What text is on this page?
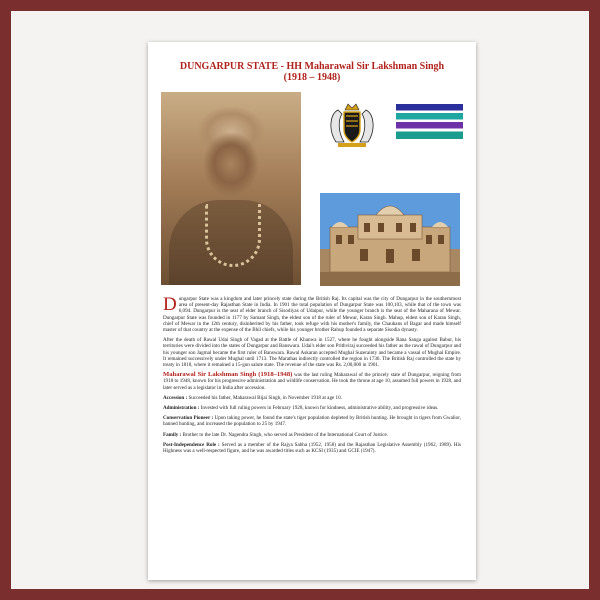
DUNGARPUR STATE - HH Maharawal Sir Lakshman Singh
(1918 – 1948)

Dungarpur State was a kingdom and later princely state during the British Raj. Its capital was the city of Dungarpur in the southernmost area of present-day Rajasthan State in India. In 1901 the total population of Dungarpur State was 100,103, while that of the town was 6,094. Dungarpur is the seat of elder branch of Sisodiyas of Udaipur, while the younger branch is the seat of the Maharana of Mewar. Dungarpur State was founded in 1177 by Samant Singh, the eldest son of the ruler of Mewar, Karan Singh. Mahup, eldest son of Karan Singh, chief of Mewar in the 12th century, disinherited by his father, took refuge with his mother's family, the Chauhans of Bagar and made himself master of that country at the expense of the Bhil chiefs, while his younger brother Rahup founded a separate Sisodia dynasty.

After the death of Rawal Udai Singh of Vagad at the Battle of Khanwa in 1527, where he fought alongside Rana Sanga against Babur, his territories were divided into the states of Dungarpur and Banswara. Udai's elder son Prithviraj succeeded his father as the rawal of Dungarpur and his younger son Jagmal became the first ruler of Banswara. Rawal Askaran accepted Mughal Suzerainty and became a vassal of Mughal Empire. It remained successively under Mughal until 1713. The Marathas indirectly controlled the region in 1736. The British Raj controlled the state by treaty in 1818, where it remained a 15-gun salute state. The revenue of the state was Rs. 2,00,000 in 1901.

Maharawal Sir Lakshman Singh (1918–1948) was the last ruling Maharawal of the princely state of Dungarpur, reigning from 1918 to 1948, known for his progressive administration and wildlife conservation. He took the throne at age 10, assumed full powers in 1928, and later served as a legislator in India after accession.

Accession : Succeeded his father, Maharawal Bijai Singh, in November 1918 at age 10.

Administration : Invested with full ruling powers in February 1928, known for kindness, administrative ability, and progressive ideas.

Conservation Pioneer : Upon taking power, he found the state's tiger population depleted by British hunting. He brought in tigers from Gwalior, banned hunting, and increased the population to 25 by 1947.

Family : Brother to the late Dr. Nagendra Singh, who served as President of the International Court of Justice.

Post-Independence Role : Served as a member of the Rajya Sabha (1952, 1958) and the Rajasthan Legislative Assembly (1962, 1989). His Highness was a well-respected figure, and he was awarded titles such as KCSI (1935) and GCIE (1947).
